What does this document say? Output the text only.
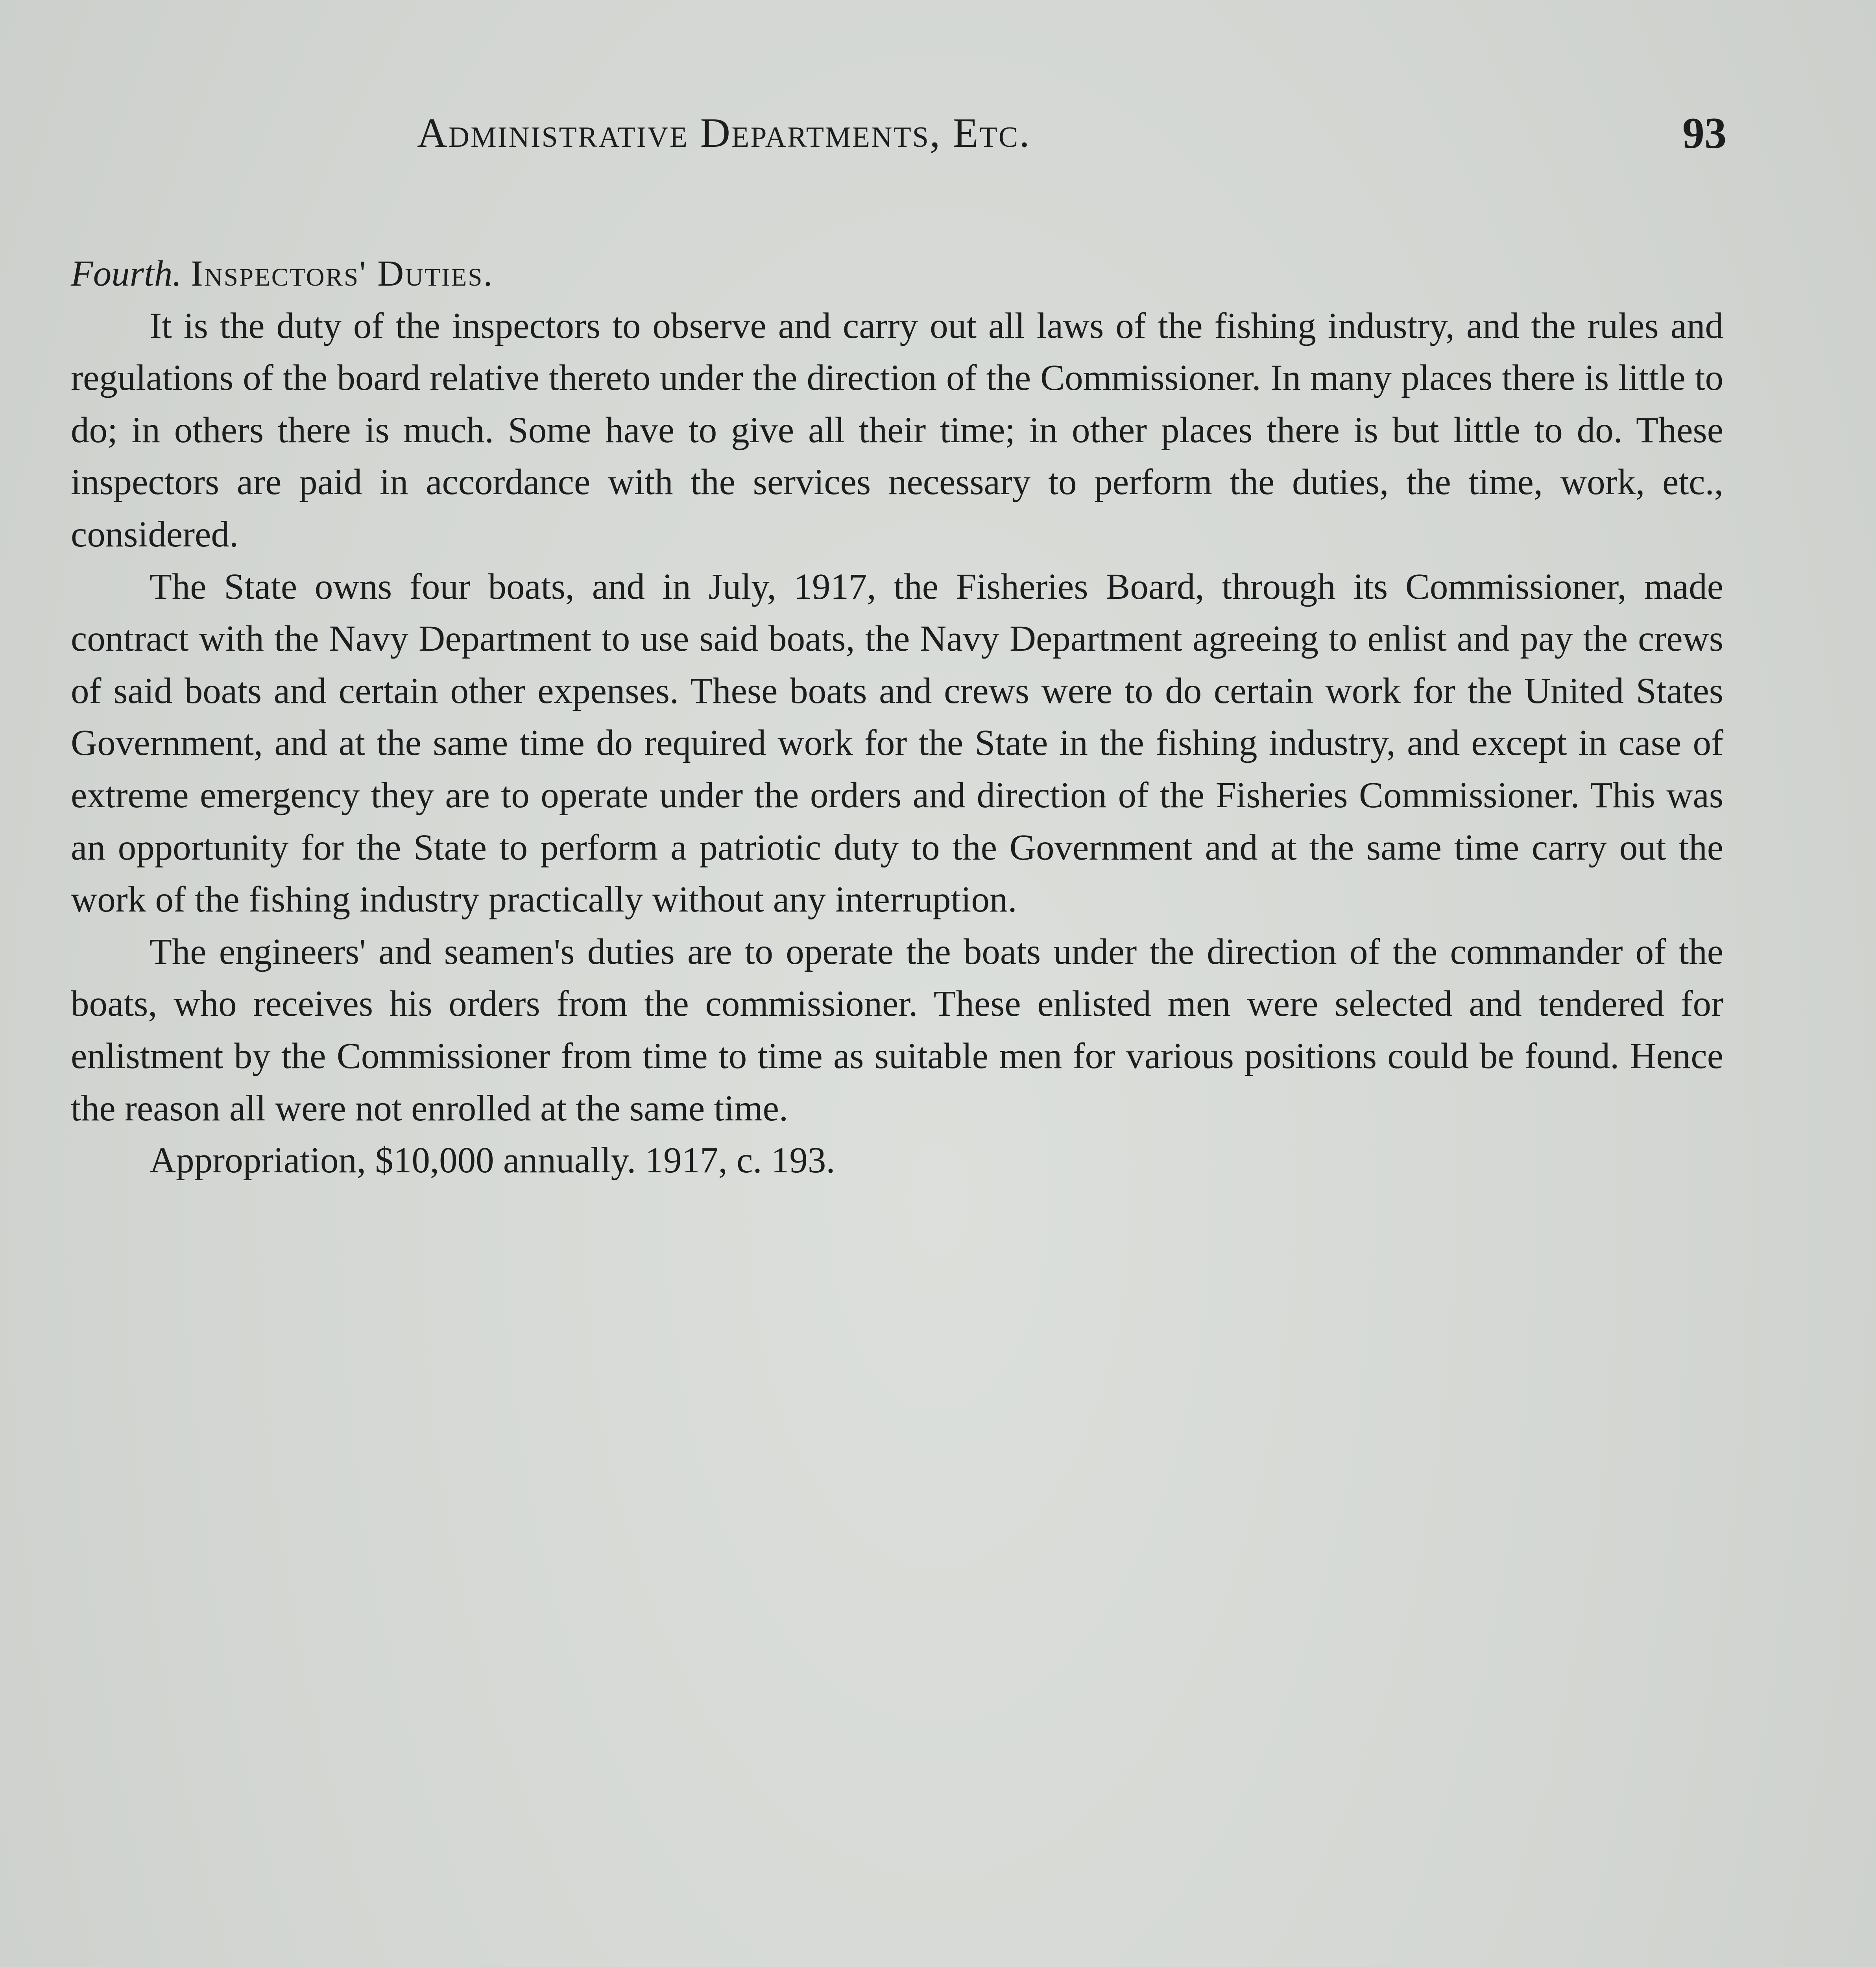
Administrative Departments, Etc.	93

Fourth. Inspectors' Duties.

It is the duty of the inspectors to observe and carry out all laws of the fishing industry, and the rules and regulations of the board relative thereto under the direction of the Commissioner. In many places there is little to do; in others there is much. Some have to give all their time; in other places there is but little to do. These inspectors are paid in accordance with the services necessary to perform the duties, the time, work, etc., considered.

The State owns four boats, and in July, 1917, the Fisheries Board, through its Commissioner, made contract with the Navy Department to use said boats, the Navy Department agreeing to enlist and pay the crews of said boats and certain other expenses. These boats and crews were to do certain work for the United States Government, and at the same time do required work for the State in the fishing industry, and except in case of extreme emergency they are to operate under the orders and direction of the Fisheries Commissioner. This was an opportunity for the State to perform a patriotic duty to the Government and at the same time carry out the work of the fishing industry practically without any interruption.

The engineers' and seamen's duties are to operate the boats under the direction of the commander of the boats, who receives his orders from the commissioner. These enlisted men were selected and tendered for enlistment by the Commissioner from time to time as suitable men for various positions could be found. Hence the reason all were not enrolled at the same time.

Appropriation, $10,000 annually. 1917, c. 193.
